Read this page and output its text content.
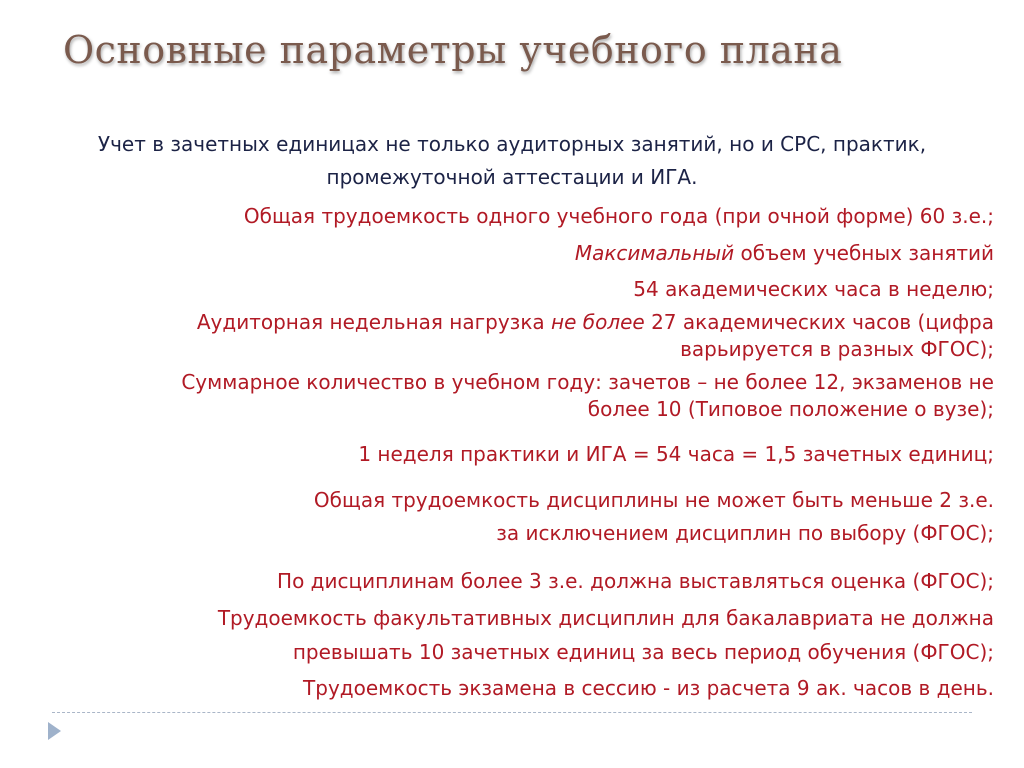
Основные параметры учебного плана
Учет в зачетных единицах не только аудиторных занятий, но и СРС, практик,
промежуточной аттестации и ИГА.
Общая трудоемкость одного учебного года (при очной форме) 60 з.е.;
Максимальный объем учебных занятий
54 академических часа в неделю;
Аудиторная недельная нагрузка не более 27 академических часов (цифра
варьируется в разных ФГОС);
Суммарное количество в учебном году: зачетов – не более 12, экзаменов не
более 10 (Типовое положение о вузе);
1 неделя практики и ИГА = 54 часа = 1,5 зачетных единиц;
Общая трудоемкость дисциплины не может быть меньше 2 з.е.
за исключением дисциплин по выбору (ФГОС);
По дисциплинам более 3 з.е. должна выставляться оценка (ФГОС);
Трудоемкость факультативных дисциплин для бакалавриата не должна
превышать 10 зачетных единиц за весь период обучения (ФГОС);
Трудоемкость экзамена в сессию - из расчета 9 ак. часов в день.
